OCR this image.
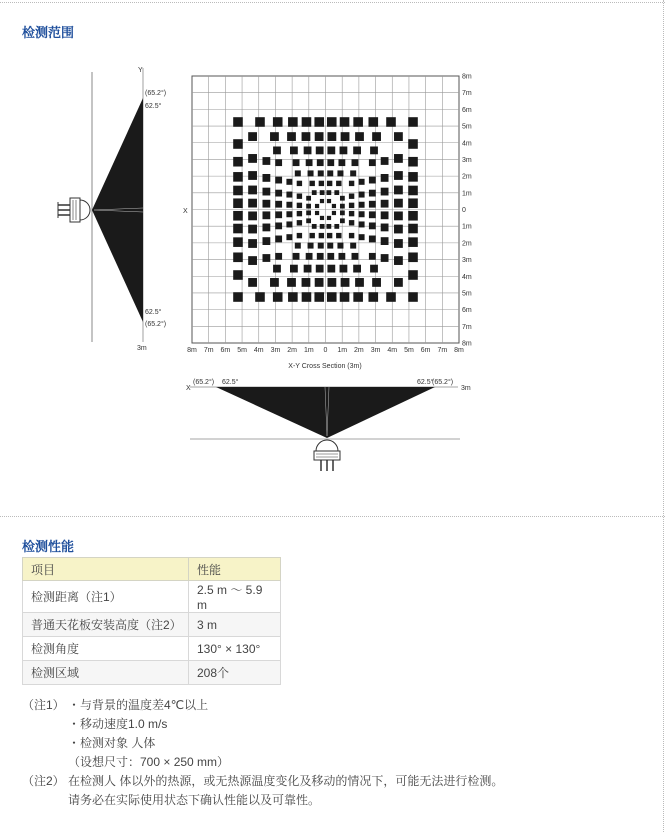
检测范围
Y
(65.2°)
62.5°
62.5°
(65.2°)
3m
X
8m
7m
6m
5m
4m
3m
2m
1m
0
1m
2m
3m
4m
5m
6m
7m
8m
8m 7m 6m 5m 4m 3m 2m 1m 0 1m 2m 3m 4m 5m 6m 7m 8m
X-Y Cross Section (3m)
X
(65.2°) 62.5°	62.5°
(65.2°)
3m
检测性能
项目	性能
检测距离（注1）	2.5 m ～ 5.9 m
普通天花板安装高度（注2）	3 m
检测角度	130° × 130°
检测区域	208个
（注1） ・与背景的温度差4℃以上
・移动速度1.0 m/s
・检测对象 人体
（设想尺寸：700 × 250 mm）
（注2） 在检测人 体以外的热源，或无热源温度变化及移动的情况下，可能无法进行检测。
请务必在实际使用状态下确认性能以及可靠性。
